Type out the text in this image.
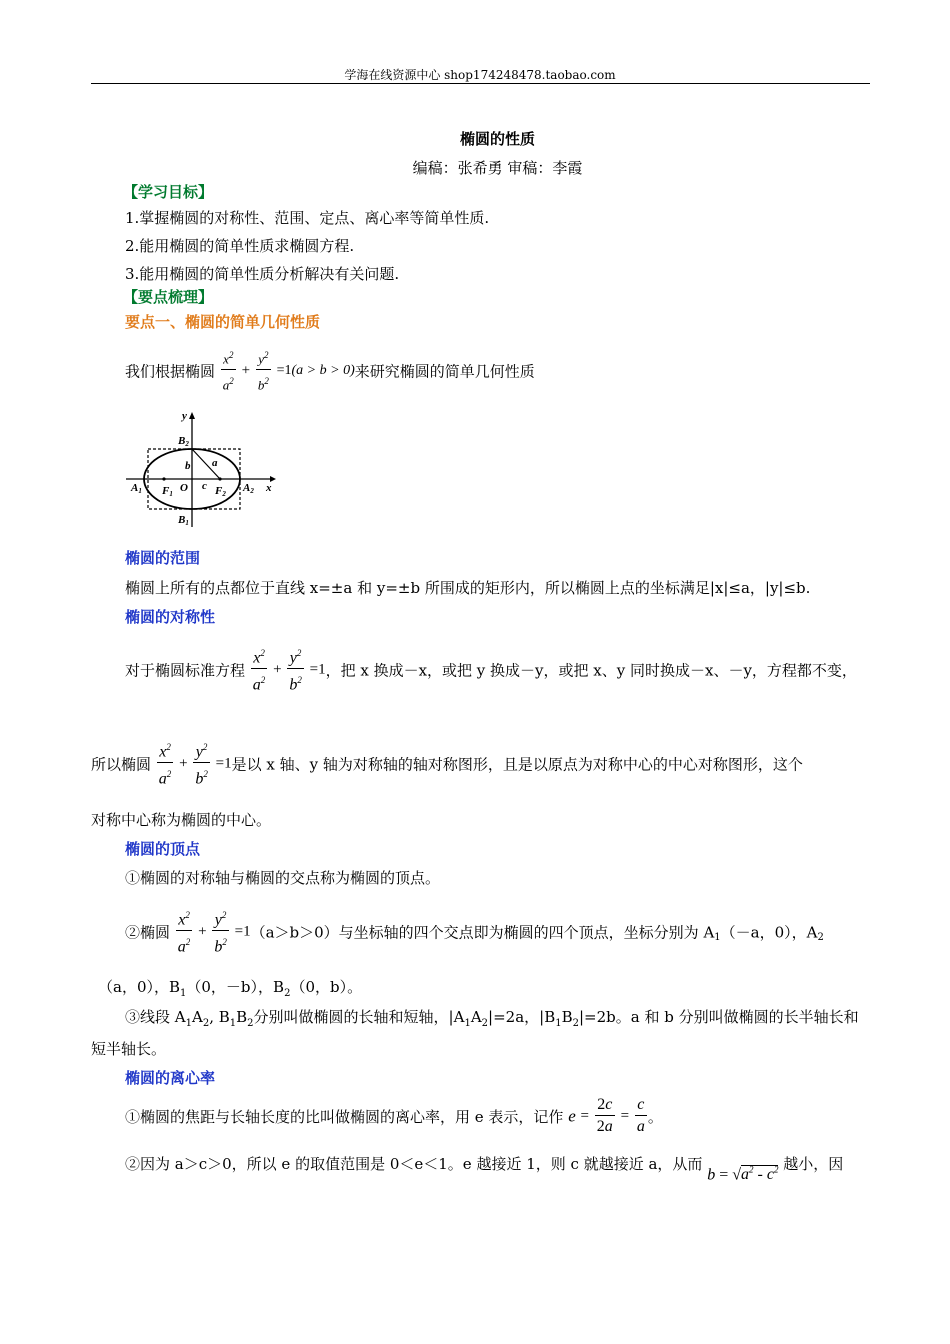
学海在线资源中心 shop174248478.taobao.com
椭圆的性质
编稿：张希勇 审稿：李霞
【学习目标】
1.掌握椭圆的对称性、范围、定点、离心率等简单性质.
2.能用椭圆的简单性质求椭圆方程.
3.能用椭圆的简单性质分析解决有关问题.
【要点梳理】
要点一、椭圆的简单几何性质
我们根据椭圆 $\frac{x^2}{a^2} + \frac{y^2}{b^2} =1(a > b > 0)$来研究椭圆的简单几何性质
y
x
B2
B1
A1	A2
F1	F2
O
a
b
c
椭圆的范围
椭圆上所有的点都位于直线 x=±a 和 y=±b 所围成的矩形内，所以椭圆上点的坐标满足|x|≤a，|y|≤b.
椭圆的对称性
对于椭圆标准方程 $\frac{x^2}{a^2} + \frac{y^2}{b^2} =1$，把 x 换成－x，或把 y 换成－y，或把 x、y 同时换成－x、－y，方程都不变，
所以椭圆 $\frac{x^2}{a^2} + \frac{y^2}{b^2} =1$是以 x 轴、y 轴为对称轴的轴对称图形，且是以原点为对称中心的中心对称图形，这个
对称中心称为椭圆的中心。
椭圆的顶点
①椭圆的对称轴与椭圆的交点称为椭圆的顶点。
②椭圆 $\frac{x^2}{a^2} + \frac{y^2}{b^2} =1(a>b>0)$与坐标轴的四个交点即为椭圆的四个顶点，坐标分别为 $A_1(-a$，0），$A_2$
（a，0），$B_1(0$，－b），$B_2(0$，b）。
③线段 $A_1A_2$, $B_1B_2$分别叫做椭圆的长轴和短轴，$|A_1A_2|=2a$，$|B_1B_2|=2b$。a 和 b 分别叫做椭圆的长半轴长和
短半轴长。
椭圆的离心率
①椭圆的焦距与长轴长度的比叫做椭圆的离心率，用 e 表示，记作 $e = \frac{2c}{2a} = \frac{c}{a}$ 。
②因为 a＞c＞0，所以 e 的取值范围是 0＜e＜1。e 越接近 1，则 c 就越接近 a，从而 $b = √a^2 - c^2$ 越小，因
